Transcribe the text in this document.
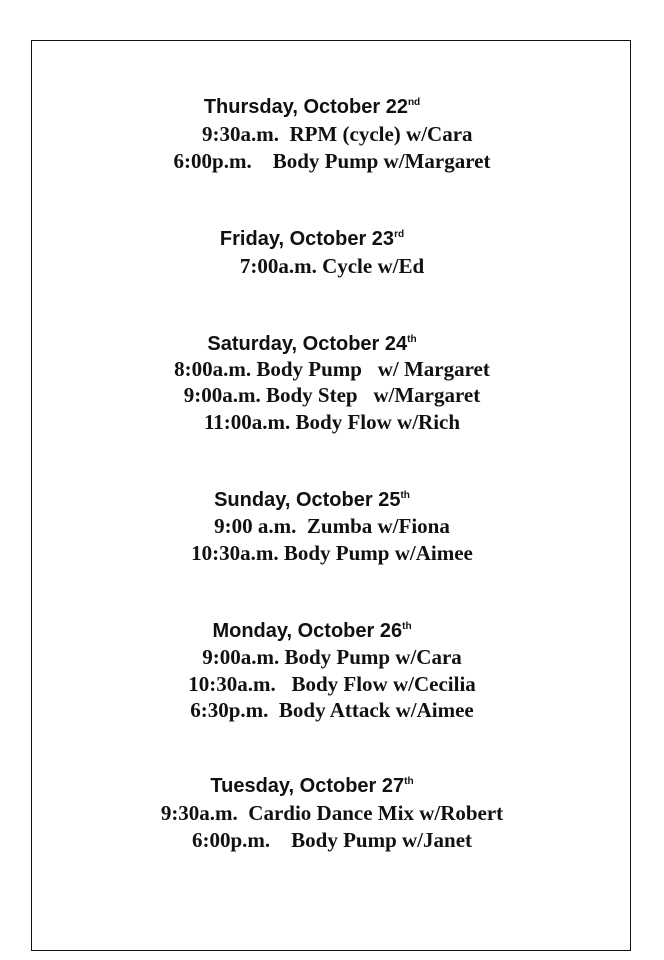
Thursday, October 22nd
9:30a.m.  RPM (cycle) w/Cara
6:00p.m.    Body Pump w/Margaret
Friday, October 23rd
7:00a.m. Cycle w/Ed
Saturday, October 24th
8:00a.m. Body Pump   w/ Margaret
9:00a.m. Body Step   w/Margaret
11:00a.m. Body Flow w/Rich
Sunday, October 25th
9:00 a.m.  Zumba w/Fiona
10:30a.m. Body Pump w/Aimee
Monday, October 26th
9:00a.m. Body Pump w/Cara
10:30a.m.   Body Flow w/Cecilia
6:30p.m.  Body Attack w/Aimee
Tuesday, October 27th
9:30a.m.  Cardio Dance Mix w/Robert
6:00p.m.    Body Pump w/Janet
